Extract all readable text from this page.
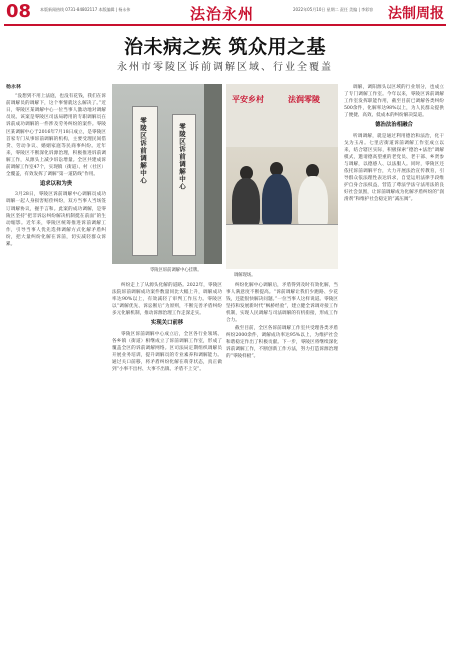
08 本版新闻热线 0731-84802117 本版编辑 | 杨永伟	法治永州	2022年05月10日 星期二 责任 美编 | 李彩容 法制周报
治未病之疾 筑众用之基
永州市零陵区诉前调解区域、行业全覆盖

杨永林

“没想到不用上法庭，也没有花钱，我们在诉前调解员的调解下，这个事情就这么解决了。”近日，零陵区某调解中心一位当事人激动地对调解员说。该案是零陵区司法局聘用的专职调解员在诉前成功调解的一件涉及劳务纠纷的案件。零陵区某调解中心于2016年7月18日成立，是零陵区首家专门从事诉前调解的机构，主要受理民间借贷、劳动争议、婚姻家庭等民商事纠纷。近年来，零陵区不断深化诉源治理，积极推进诉前调解工作，从源头上减少诉讼增量。全区共建成诉前调解工作室47个，实现镇（街道）、村（社区）全覆盖，有效发挥了调解“第一道防线”作用。

追求以和为贵

3月28日，零陵区诉前调解中心调解员成功调解一起人身损害赔偿纠纷，双方当事人当场签订调解协议，握手言和。此案的成功调解，是零陵区坚持“把非诉讼纠纷解决机制挺在前面”的生动缩影。近年来，零陵区统筹推进诉前调解工作，引导当事人优先选择调解方式化解矛盾纠纷，把大量纠纷化解在诉前，切实减轻群众诉累。

零陵区诉前调解中心	零陵区诉前调解中心
零陵区诉前调解中心挂牌。
平安乡村	法润零陵
调解现场。

纠纷走上了从源头化解的道路。2022年，零陵区法院诉前调解成功案件数量同比大幅上升，调解成功率达90%以上，有效减轻了审判工作压力。零陵区以“调解优先、诉讼断后”为原则，不断完善矛盾纠纷多元化解机制，推动诉源治理工作走深走实。

实现关口前移

零陵区诉前调解中心成立后，全区各行业领域、各乡镇（街道）相继成立了诉前调解工作室，形成了覆盖全区的诉前调解网络。区司法局定期组织调解员开展业务培训，提升调解员的专业素养和调解能力。通过关口前移，将矛盾纠纷化解在萌芽状态，真正做到“小事不出村、大事不出镇、矛盾不上交”。

纠纷化解中心调解后，矛盾得到及时有效化解，当事人满意度不断提高。“诉前调解让我们少跑路、少花钱，还能很快解决问题。”一位当事人这样说道。零陵区坚持和发展新时代“枫桥经验”，建立健全诉调对接工作机制，实现人民调解与司法调解的有机衔接，形成工作合力。

截至目前，全区各诉前调解工作室共受理各类矛盾纠纷2000余件，调解成功率达95%以上，为维护社会和谐稳定作出了积极贡献。下一步，零陵区将继续深化诉前调解工作，不断创新工作方法，努力打造诉源治理的“零陵样板”。

调解，调阳源头以区域的行业划分，也成立了专门调解工作室。今年以来，零陵区诉前调解工作室发挥职能作用，截至目前已调解各类纠纷500余件，化解率达98%以上，为人民群众提供了便捷、高效、低成本的纠纷解决渠道。

德治法治相融合

听调调解，就是通过利用德治和法治，化干戈为玉帛。七里店街道诉前调解工作室成立以来，结合辖区实际，积极探索“德治+法治”调解模式，邀请德高望重的老党员、老干部、乡贤参与调解，以德感人、以法服人。同时，零陵区还依托诉前调解平台，大力开展法治宣传教育，引导群众依法理性表达诉求，自觉运用法律手段维护自身合法权益，营造了尊法学法守法用法的良好社会氛围，让诉前调解成为化解矛盾纠纷的“润滑剂”和维护社会稳定的“减压阀”。
